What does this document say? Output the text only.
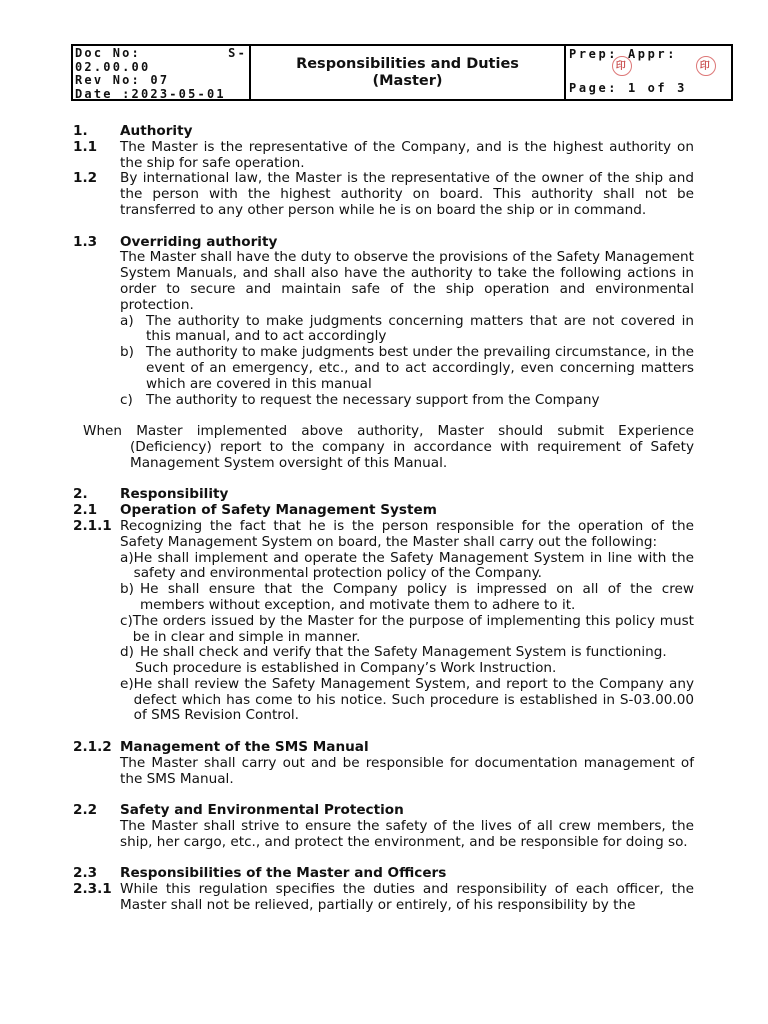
Doc No:	S-
02.00.00
Rev No: 07
Date :2023-05-01
Responsibilities and Duties
(Master)
Prep: Appr:
印	印
Page: 1 of 3
1.	Authority
1.1	The Master is the representative of the Company, and is the highest authority on the ship for safe operation.
1.2	By international law, the Master is the representative of the owner of the ship and the person with the highest authority on board. This authority shall not be transferred to any other person while he is on board the ship or in command.
1.3	Overriding authority
The Master shall have the duty to observe the provisions of the Safety Management System Manuals, and shall also have the authority to take the following actions in order to secure and maintain safe of the ship operation and environmental protection.
a) The authority to make judgments concerning matters that are not covered in this manual, and to act accordingly
b) The authority to make judgments best under the prevailing circumstance, in the event of an emergency, etc., and to act accordingly, even concerning matters which are covered in this manual
c) The authority to request the necessary support from the Company
When Master implemented above authority, Master should submit Experience (Deficiency) report to the company in accordance with requirement of Safety Management System oversight of this Manual.
2.	Responsibility
2.1	Operation of Safety Management System
2.1.1 Recognizing the fact that he is the person responsible for the operation of the Safety Management System on board, the Master shall carry out the following:
a) He shall implement and operate the Safety Management System in line with the safety and environmental protection policy of the Company.
b) He shall ensure that the Company policy is impressed on all of the crew members without exception, and motivate them to adhere to it.
c) The orders issued by the Master for the purpose of implementing this policy must be in clear and simple in manner.
d) He shall check and verify that the Safety Management System is functioning.
Such procedure is established in Company’s Work Instruction.
e) He shall review the Safety Management System, and report to the Company any defect which has come to his notice. Such procedure is established in S-03.00.00 of SMS Revision Control.
2.1.2 Management of the SMS Manual
The Master shall carry out and be responsible for documentation management of the SMS Manual.
2.2	Safety and Environmental Protection
The Master shall strive to ensure the safety of the lives of all crew members, the ship, her cargo, etc., and protect the environment, and be responsible for doing so.
2.3	Responsibilities of the Master and Officers
2.3.1 While this regulation specifies the duties and responsibility of each officer, the Master shall not be relieved, partially or entirely, of his responsibility by the
